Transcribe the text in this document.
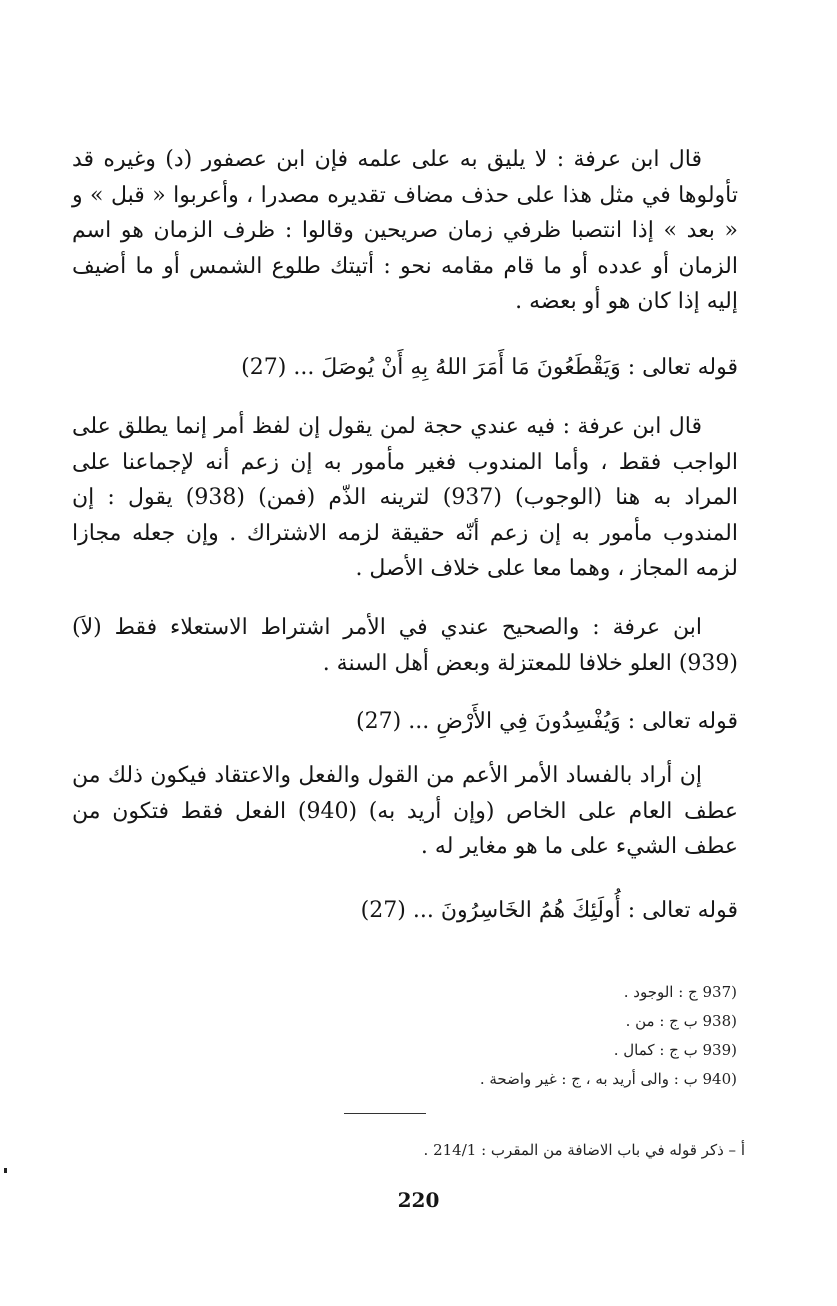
قال ابن عرفة : لا يليق به على علمه فإن ابن عصفور (د) وغيره قد تأولوها في مثل هذا على حذف مضاف تقديره مصدرا ، وأعربوا « قبل » و « بعد » إذا انتصبا ظرفي زمان صريحين وقالوا : ظرف الزمان هو اسم الزمان أو عدده أو ما قام مقامه نحو : أتيتك طلوع الشمس أو ما أضيف إليه إذا كان هو أو بعضه .
قوله تعالى : وَيَقْطَعُونَ مَا أَمَرَ اللهُ بِهِ أَنْ يُوصَلَ ... (27)
قال ابن عرفة : فيه عندي حجة لمن يقول إن لفظ أمر إنما يطلق على الواجب فقط ، وأما المندوب فغير مأمور به إن زعم أنه لإجماعنا على المراد به هنا (الوجوب) (937) لترينه الذّم (فمن) (938) يقول : إن المندوب مأمور به إن زعم أنّه حقيقة لزمه الاشتراك . وإن جعله مجازا لزمه المجاز ، وهما معا على خلاف الأصل .
ابن عرفة : والصحيح عندي في الأمر اشتراط الاستعلاء فقط (لاَ) (939) العلو خلافا للمعتزلة وبعض أهل السنة .
قوله تعالى : وَيُفْسِدُونَ فِي الأَرْضِ ... (27)
إن أراد بالفساد الأمر الأعم من القول والفعل والاعتقاد فيكون ذلك من عطف العام على الخاص (وإن أريد به) (940) الفعل فقط فتكون من عطف الشيء على ما هو مغاير له .
قوله تعالى : أُولَئِكَ هُمُ الخَاسِرُونَ ... (27)
(937 ج : الوجود .
(938 ب ج : من .
(939 ب ج : كمال .
(940 ب : والى أريد به ، ج : غير واضحة .
أ – ذكر قوله في باب الاضافة من المقرب : 214/1 .
220
